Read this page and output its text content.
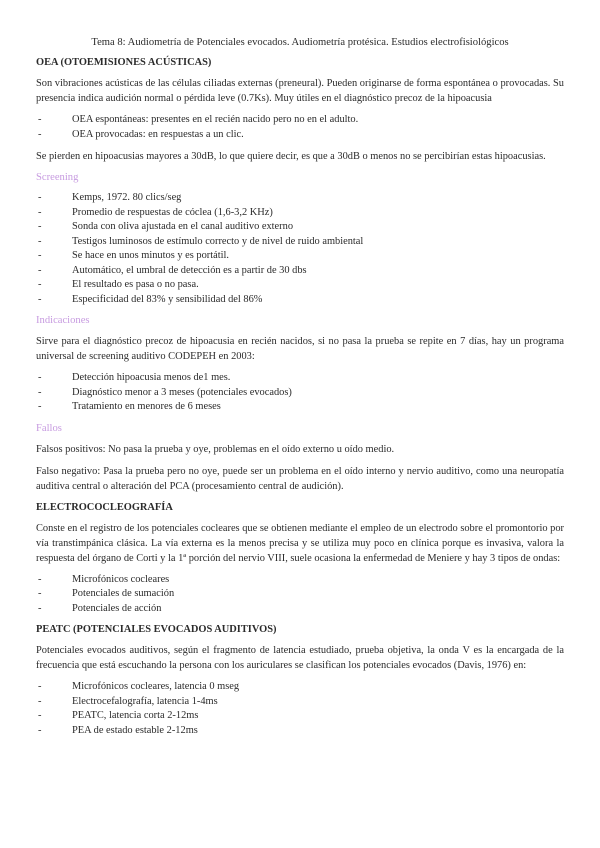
Tema 8: Audiometría de Potenciales evocados. Audiometría protésica. Estudios electrofisiológicos
OEA (OTOEMISIONES ACÚSTICAS)

Son vibraciones acústicas de las células ciliadas externas (preneural). Pueden originarse de forma espontánea o provocadas. Su presencia indica audición normal o pérdida leve (0.7Ks). Muy útiles en el diagnóstico precoz de la hipoacusia

-	OEA espontáneas: presentes en el recién nacido pero no en el adulto.
-	OEA provocadas: en respuestas a un clic.

Se pierden en hipoacusias mayores a 30dB, lo que quiere decir, es que a 30dB o menos no se percibirían estas hipoacusias.

Screening
-	Kemps, 1972. 80 clics/seg
-	Promedio de respuestas de cóclea (1,6-3,2 KHz)
-	Sonda con oliva ajustada en el canal auditivo externo
-	Testigos luminosos de estímulo correcto y de nivel de ruido ambiental
-	Se hace en unos minutos y es portátil.
-	Automático, el umbral de detección es a partir de 30 dbs
-	El resultado es pasa o no pasa.
-	Especificidad del 83% y sensibilidad del 86%
Indicaciones

Sirve para el diagnóstico precoz de hipoacusia en recién nacidos, si no pasa la prueba se repite en 7 días, hay un programa universal de screening auditivo CODEPEH en 2003:

-	Detección hipoacusia menos de1 mes.
-	Diagnóstico menor a 3 meses (potenciales evocados)
-	Tratamiento en menores de 6 meses
Fallos

Falsos positivos: No pasa la prueba y oye, problemas en el oído externo u oído medio.

Falso negativo: Pasa la prueba pero no oye, puede ser un problema en el oído interno y nervio auditivo, como una neuropatía auditiva central o alteración del PCA (procesamiento central de audición).

ELECTROCOCLEOGRAFÍA

Conste en el registro de los potenciales cocleares que se obtienen mediante el empleo de un electrodo sobre el promontorio por vía transtimpánica clásica. La vía externa es la menos precisa y se utiliza muy poco en clínica porque es invasiva, valora la respuesta del órgano de Corti y la 1ª porción del nervio VIII, suele ocasiona la enfermedad de Meniere y hay 3 tipos de ondas:

-	Microfónicos cocleares
-	Potenciales de sumación
-	Potenciales de acción
PEATC (POTENCIALES EVOCADOS AUDITIVOS)

Potenciales evocados auditivos, según el fragmento de latencia estudiado, prueba objetiva, la onda V es la encargada de la frecuencia que está escuchando la persona con los auriculares se clasifican los potenciales evocados (Davis, 1976) en:

-	Microfónicos cocleares, latencia 0 mseg
-	Electrocefalografía, latencia 1-4ms
-	PEATC, latencia corta 2-12ms
-	PEA de estado estable 2-12ms
